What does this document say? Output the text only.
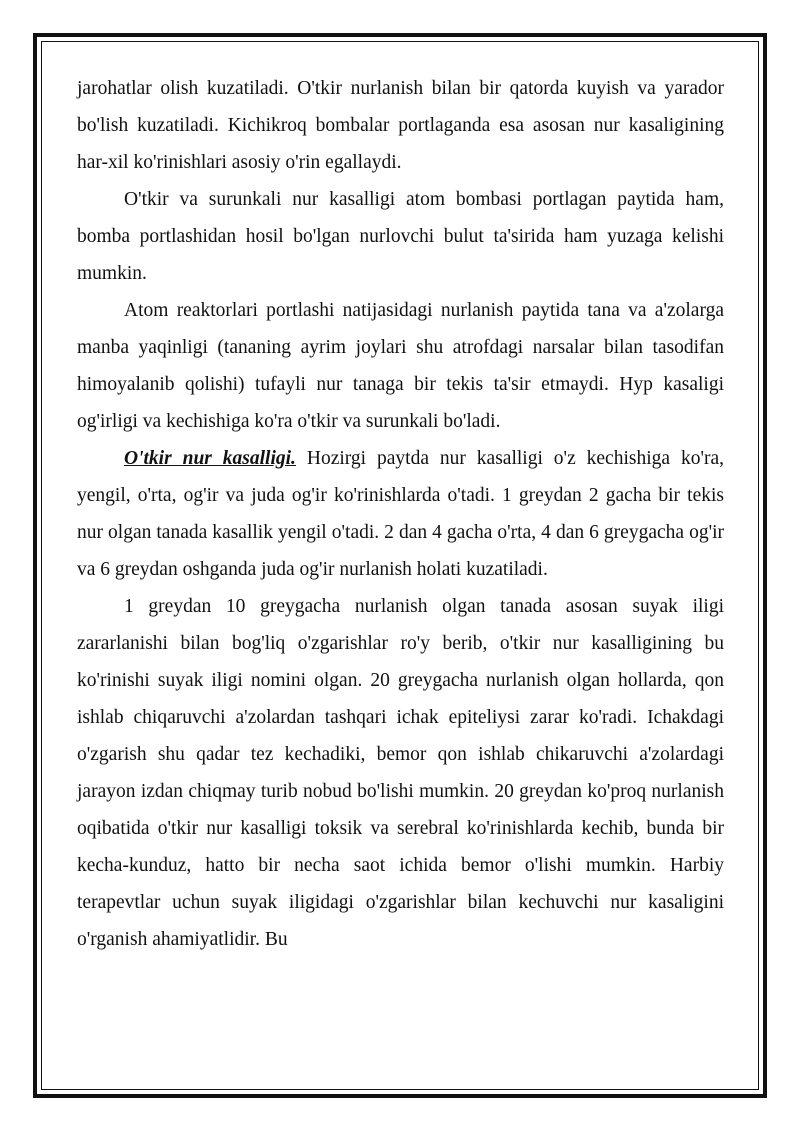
jarohatlar olish kuzatiladi. O'tkir nurlanish bilan bir qatorda kuyish va yarador bo'lish kuzatiladi. Kichikroq bombalar portlaganda esa asosan nur kasaligining har-xil ko'rinishlari asosiy o'rin egallaydi.

O'tkir va surunkali nur kasalligi atom bombasi portlagan paytida ham, bomba portlashidan hosil bo'lgan nurlovchi bulut ta'sirida ham yuzaga kelishi mumkin.

Atom reaktorlari portlashi natijasidagi nurlanish paytida tana va a'zolarga manba yaqinligi (tananing ayrim joylari shu atrofdagi narsalar bilan tasodifan himoyalanib qolishi) tufayli nur tanaga bir tekis ta'sir etmaydi. Hyp kasaligi og'irligi va kechishiga ko'ra o'tkir va surunkali bo'ladi.

O'tkir nur kasalligi. Hozirgi paytda nur kasalligi o'z kechishiga ko'ra, yengil, o'rta, og'ir va juda og'ir ko'rinishlarda o'tadi. 1 greydan 2 gacha bir tekis nur olgan tanada kasallik yengil o'tadi. 2 dan 4 gacha o'rta, 4 dan 6 greygacha og'ir va 6 greydan oshganda juda og'ir nurlanish holati kuzatiladi.

1 greydan 10 greygacha nurlanish olgan tanada asosan suyak iligi zararlanishi bilan bog'liq o'zgarishlar ro'y berib, o'tkir nur kasalligining bu ko'rinishi suyak iligi nomini olgan. 20 greygacha nurlanish olgan hollarda, qon ishlab chiqaruvchi a'zolardan tashqari ichak epiteliysi zarar ko'radi. Ichakdagi o'zgarish shu qadar tez kechadiki, bemor qon ishlab chikaruvchi a'zolardagi jarayon izdan chiqmay turib nobud bo'lishi mumkin. 20 greydan ko'proq nurlanish oqibatida o'tkir nur kasalligi toksik va serebral ko'rinishlarda kechib, bunda bir kecha-kunduz, hatto bir necha saot ichida bemor o'lishi mumkin. Harbiy terapevtlar uchun suyak iligidagi o'zgarishlar bilan kechuvchi nur kasaligini o'rganish ahamiyatlidir. Bu
